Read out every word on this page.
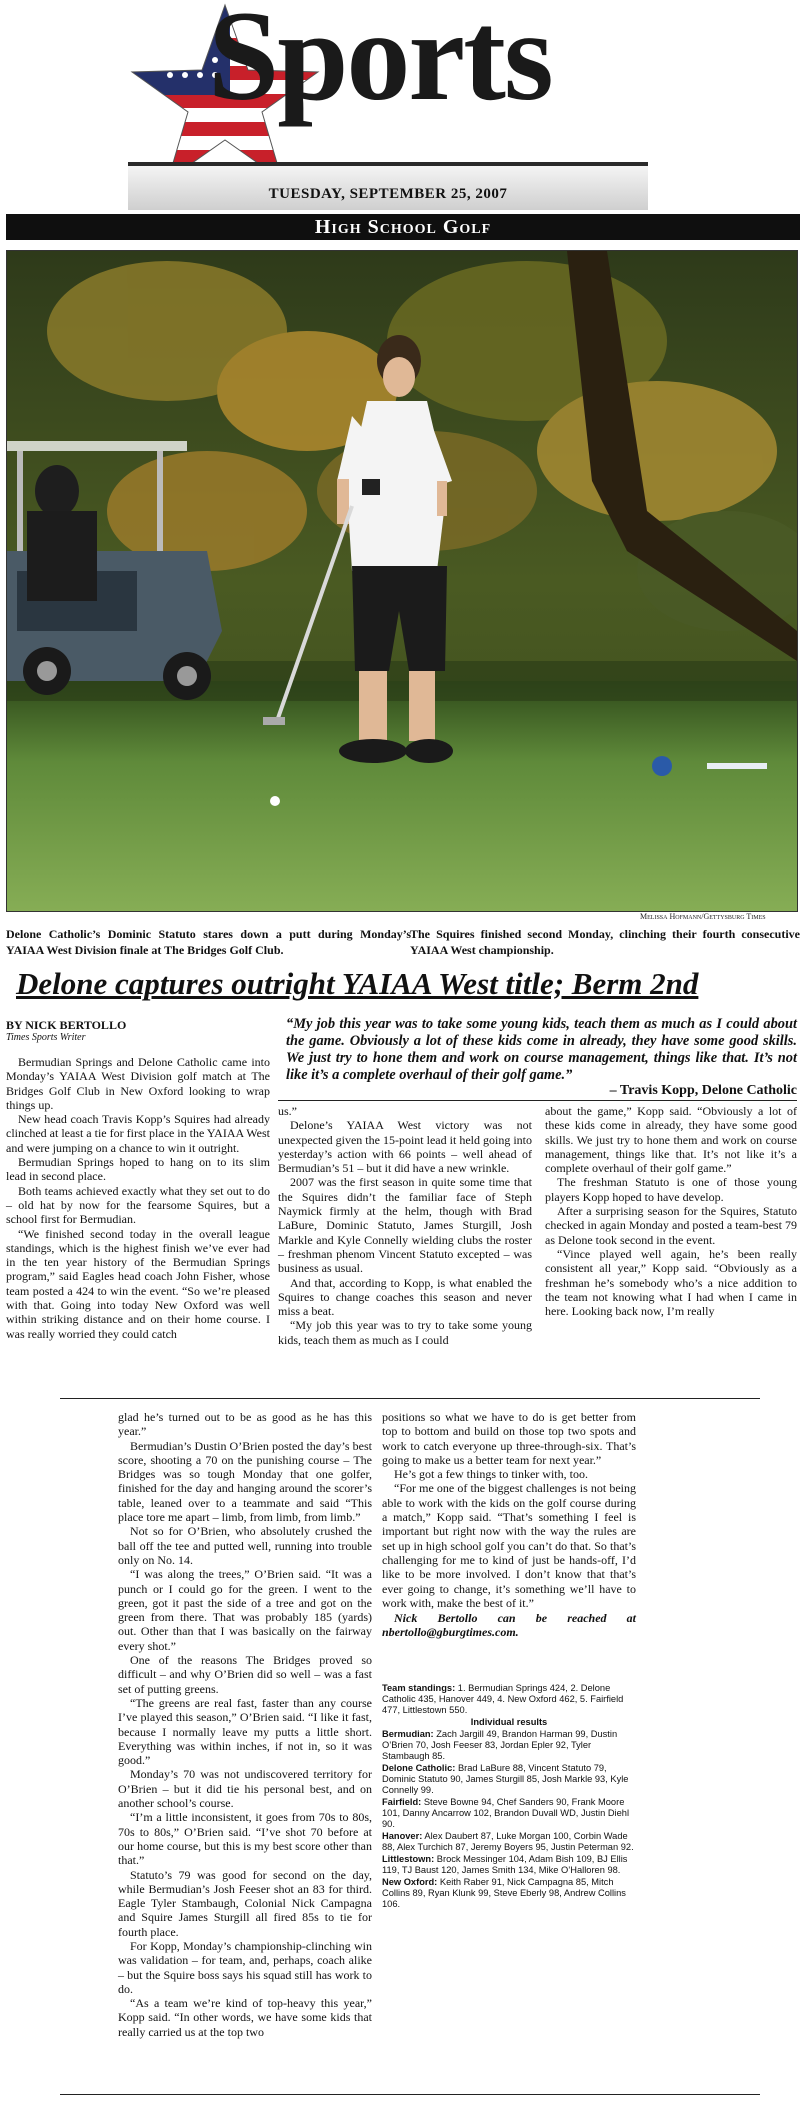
Sports
TUESDAY, SEPTEMBER 25, 2007
High School Golf
Melissa Hofmann/Gettysburg Times
Delone Catholic’s Dominic Statuto stares down a putt during Monday’s YAIAA West Division finale at The Bridges Golf Club.
The Squires finished second Monday, clinching their fourth consecutive YAIAA West championship.
Delone captures outright YAIAA West title; Berm 2nd
BY NICK BERTOLLO
Times Sports Writer
“My job this year was to take some young kids, teach them as much as I could about the game. Obviously a lot of these kids come in already, they have some good skills. We just try to hone them and work on course management, things like that. It’s not like it’s a complete overhaul of their golf game.”
– Travis Kopp, Delone Catholic

Bermudian Springs and Delone Catholic came into Monday’s YAIAA West Division golf match at The Bridges Golf Club in New Oxford looking to wrap things up.

New head coach Travis Kopp’s Squires had already clinched at least a tie for first place in the YAIAA West and were jumping on a chance to win it outright.

Bermudian Springs hoped to hang on to its slim lead in second place.

Both teams achieved exactly what they set out to do – old hat by now for the fearsome Squires, but a school first for Bermudian.

“We finished second today in the overall league standings, which is the highest finish we’ve ever had in the ten year history of the Bermudian Springs program,” said Eagles head coach John Fisher, whose team posted a 424 to win the event. “So we’re pleased with that. Going into today New Oxford was well within striking distance and on their home course. I was really worried they could catch

us.”

Delone’s YAIAA West victory was not unexpected given the 15-point lead it held going into yesterday’s action with 66 points – well ahead of Bermudian’s 51 – but it did have a new wrinkle.

2007 was the first season in quite some time that the Squires didn’t the familiar face of Steph Naymick firmly at the helm, though with Brad LaBure, Dominic Statuto, James Sturgill, Josh Markle and Kyle Connelly wielding clubs the roster – freshman phenom Vincent Statuto excepted – was business as usual.

And that, according to Kopp, is what enabled the Squires to change coaches this season and never miss a beat.

“My job this year was to try to take some young kids, teach them as much as I could

about the game,” Kopp said. “Obviously a lot of these kids come in already, they have some good skills. We just try to hone them and work on course management, things like that. It’s not like it’s a complete overhaul of their golf game.”

The freshman Statuto is one of those young players Kopp hoped to have develop.

After a surprising season for the Squires, Statuto checked in again Monday and posted a team-best 79 as Delone took second in the event.

“Vince played well again, he’s been really consistent all year,” Kopp said. “Obviously as a freshman he’s somebody who’s a nice addition to the team not knowing what I had when I came in here. Looking back now, I’m really

glad he’s turned out to be as good as he has this year.”

Bermudian’s Dustin O’Brien posted the day’s best score, shooting a 70 on the punishing course – The Bridges was so tough Monday that one golfer, finished for the day and hanging around the scorer’s table, leaned over to a teammate and said “This place tore me apart – limb, from limb, from limb.”

Not so for O’Brien, who absolutely crushed the ball off the tee and putted well, running into trouble only on No. 14.

“I was along the trees,” O’Brien said. “It was a punch or I could go for the green. I went to the green, got it past the side of a tree and got on the green from there. That was probably 185 (yards) out. Other than that I was basically on the fairway every shot.”

One of the reasons The Bridges proved so difficult – and why O’Brien did so well – was a fast set of putting greens.

“The greens are real fast, faster than any course I’ve played this season,” O’Brien said. “I like it fast, because I normally leave my putts a little short. Everything was within inches, if not in, so it was good.”

Monday’s 70 was not undiscovered territory for O’Brien – but it did tie his personal best, and on another school’s course.

“I’m a little inconsistent, it goes from 70s to 80s, 70s to 80s,” O’Brien said. “I’ve shot 70 before at our home course, but this is my best score other than that.”

Statuto’s 79 was good for second on the day, while Bermudian’s Josh Feeser shot an 83 for third. Eagle Tyler Stambaugh, Colonial Nick Campagna and Squire James Sturgill all fired 85s to tie for fourth place.

For Kopp, Monday’s championship-clinching win was validation – for team, and, perhaps, coach alike – but the Squire boss says his squad still has work to do.

“As a team we’re kind of top-heavy this year,” Kopp said. “In other words, we have some kids that really carried us at the top two

positions so what we have to do is get better from top to bottom and build on those top two spots and work to catch everyone up three-through-six. That’s going to make us a better team for next year.”

He’s got a few things to tinker with, too.

“For me one of the biggest challenges is not being able to work with the kids on the golf course during a match,” Kopp said. “That’s something I feel is important but right now with the way the rules are set up in high school golf you can’t do that. So that’s challenging for me to kind of just be hands-off, I’d like to be more involved. I don’t know that that’s ever going to change, it’s something we’ll have to work with, make the best of it.”

Nick Bertollo can be reached at nbertollo@gburgtimes.com.

Team standings: 1. Bermudian Springs 424, 2. Delone Catholic 435, Hanover 449, 4. New Oxford 462, 5. Fairfield 477, Littlestown 550.

Individual results

Bermudian: Zach Jargill 49, Brandon Harman 99, Dustin O’Brien 70, Josh Feeser 83, Jordan Epler 92, Tyler Stambaugh 85.

Delone Catholic: Brad LaBure 88, Vincent Statuto 79, Dominic Statuto 90, James Sturgill 85, Josh Markle 93, Kyle Connelly 99.

Fairfield: Steve Bowne 94, Chef Sanders 90, Frank Moore 101, Danny Ancarrow 102, Brandon Duvall WD, Justin Diehl 90.

Hanover: Alex Daubert 87, Luke Morgan 100, Corbin Wade 88, Alex Turchich 87, Jeremy Boyers 95, Justin Peterman 92.

Littlestown: Brock Messinger 104, Adam Bish 109, BJ Ellis 119, TJ Baust 120, James Smith 134, Mike O’Halloren 98.

New Oxford: Keith Raber 91, Nick Campagna 85, Mitch Collins 89, Ryan Klunk 99, Steve Eberly 98, Andrew Collins 106.
